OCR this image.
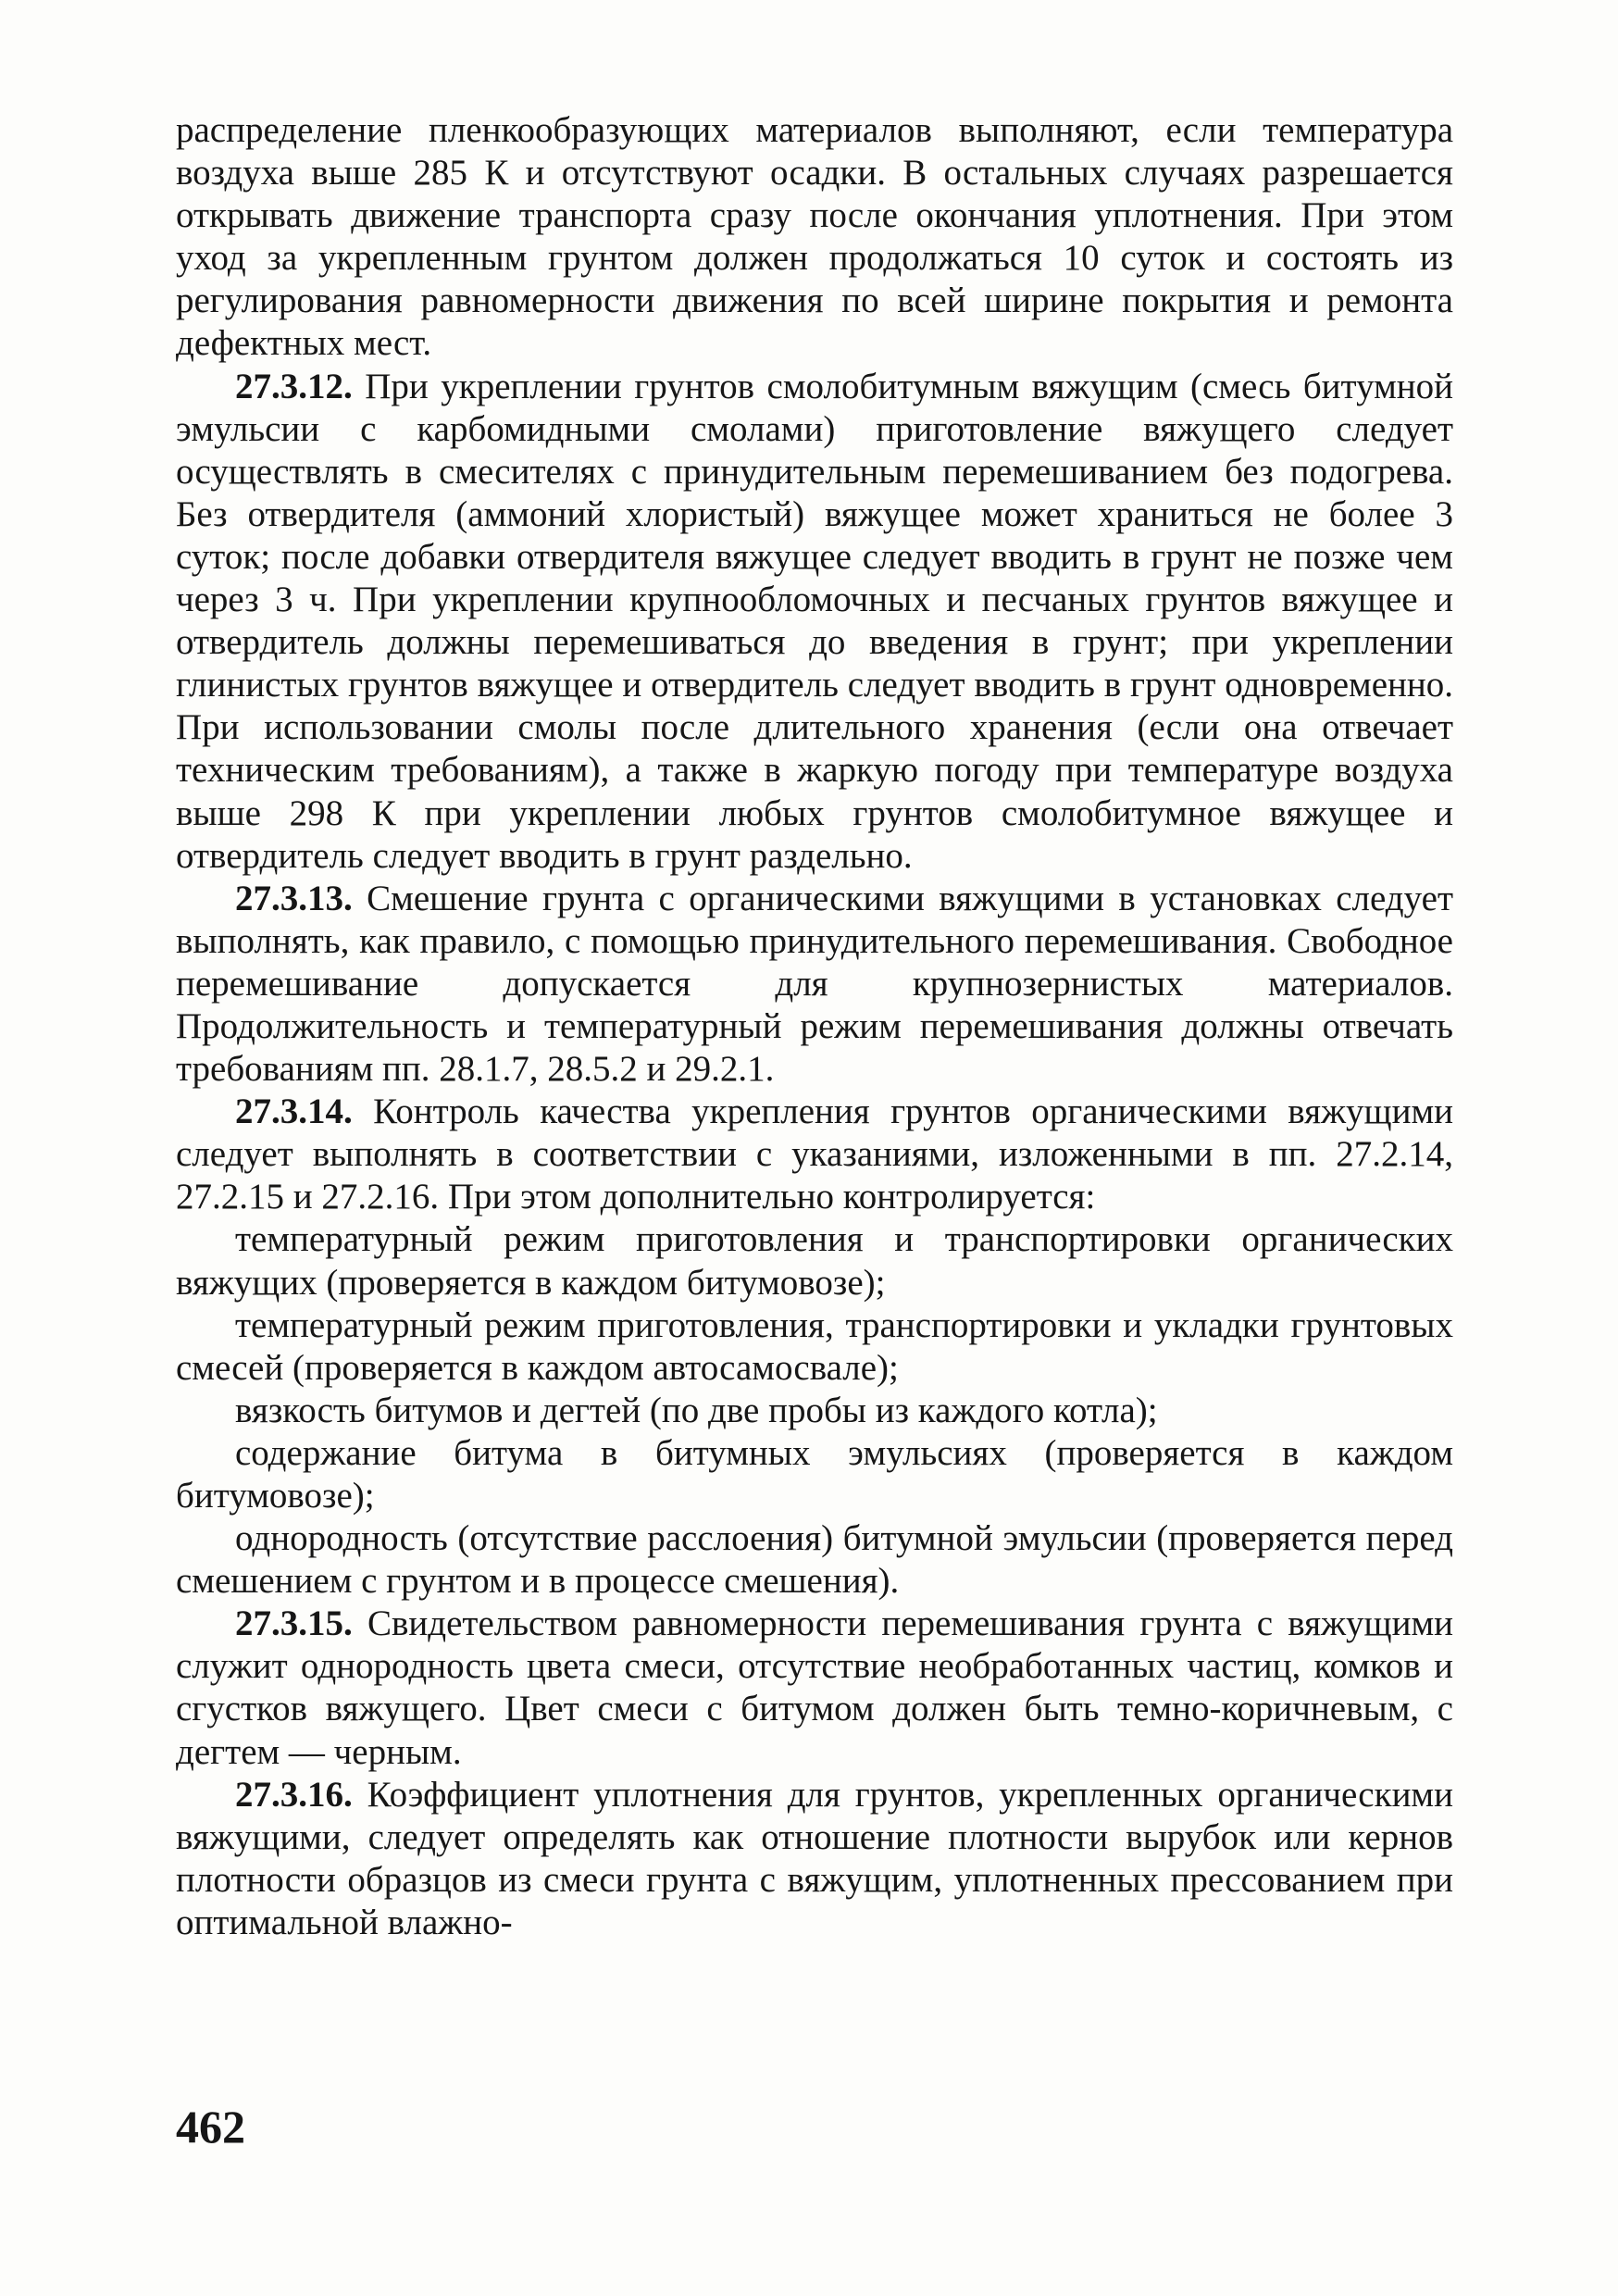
распределение пленкообразующих материалов выполняют, если температура воздуха выше 285 К и отсутствуют осадки. В остальных случаях разрешается открывать движение транспорта сразу после окончания уплотнения. При этом уход за укрепленным грунтом должен продолжаться 10 суток и состоять из регулирования равномерности движения по всей ширине покрытия и ремонта дефектных мест.

27.3.12. При укреплении грунтов смолобитумным вяжущим (смесь битумной эмульсии с карбомидными смолами) приготовление вяжущего следует осуществлять в смесителях с принудительным перемешиванием без подогрева. Без отвердителя (аммоний хлористый) вяжущее может храниться не более 3 суток; после добавки отвердителя вяжущее следует вводить в грунт не позже чем через 3 ч. При укреплении крупнообломочных и песчаных грунтов вяжущее и отвердитель должны перемешиваться до введения в грунт; при укреплении глинистых грунтов вяжущее и отвердитель следует вводить в грунт одновременно. При использовании смолы после длительного хранения (если она отвечает техническим требованиям), а также в жаркую погоду при температуре воздуха выше 298 К при укреплении любых грунтов смолобитумное вяжущее и отвердитель следует вводить в грунт раздельно.

27.3.13. Смешение грунта с органическими вяжущими в установках следует выполнять, как правило, с помощью принудительного перемешивания. Свободное перемешивание допускается для крупнозернистых материалов. Продолжительность и температурный режим перемешивания должны отвечать требованиям пп. 28.1.7, 28.5.2 и 29.2.1.

27.3.14. Контроль качества укрепления грунтов органическими вяжущими следует выполнять в соответствии с указаниями, изложенными в пп. 27.2.14, 27.2.15 и 27.2.16. При этом дополнительно контролируется:

температурный режим приготовления и транспортировки органических вяжущих (проверяется в каждом битумовозе);

температурный режим приготовления, транспортировки и укладки грунтовых смесей (проверяется в каждом автосамосвале);

вязкость битумов и дегтей (по две пробы из каждого котла);

содержание битума в битумных эмульсиях (проверяется в каждом битумовозе);

однородность (отсутствие расслоения) битумной эмульсии (проверяется перед смешением с грунтом и в процессе смешения).

27.3.15. Свидетельством равномерности перемешивания грунта с вяжущими служит однородность цвета смеси, отсутствие необработанных частиц, комков и сгустков вяжущего. Цвет смеси с битумом должен быть темно-коричневым, с дегтем — черным.

27.3.16. Коэффициент уплотнения для грунтов, укрепленных органическими вяжущими, следует определять как отношение плотности вырубок или кернов плотности образцов из смеси грунта с вяжущим, уплотненных прессованием при оптимальной влажно-

462
